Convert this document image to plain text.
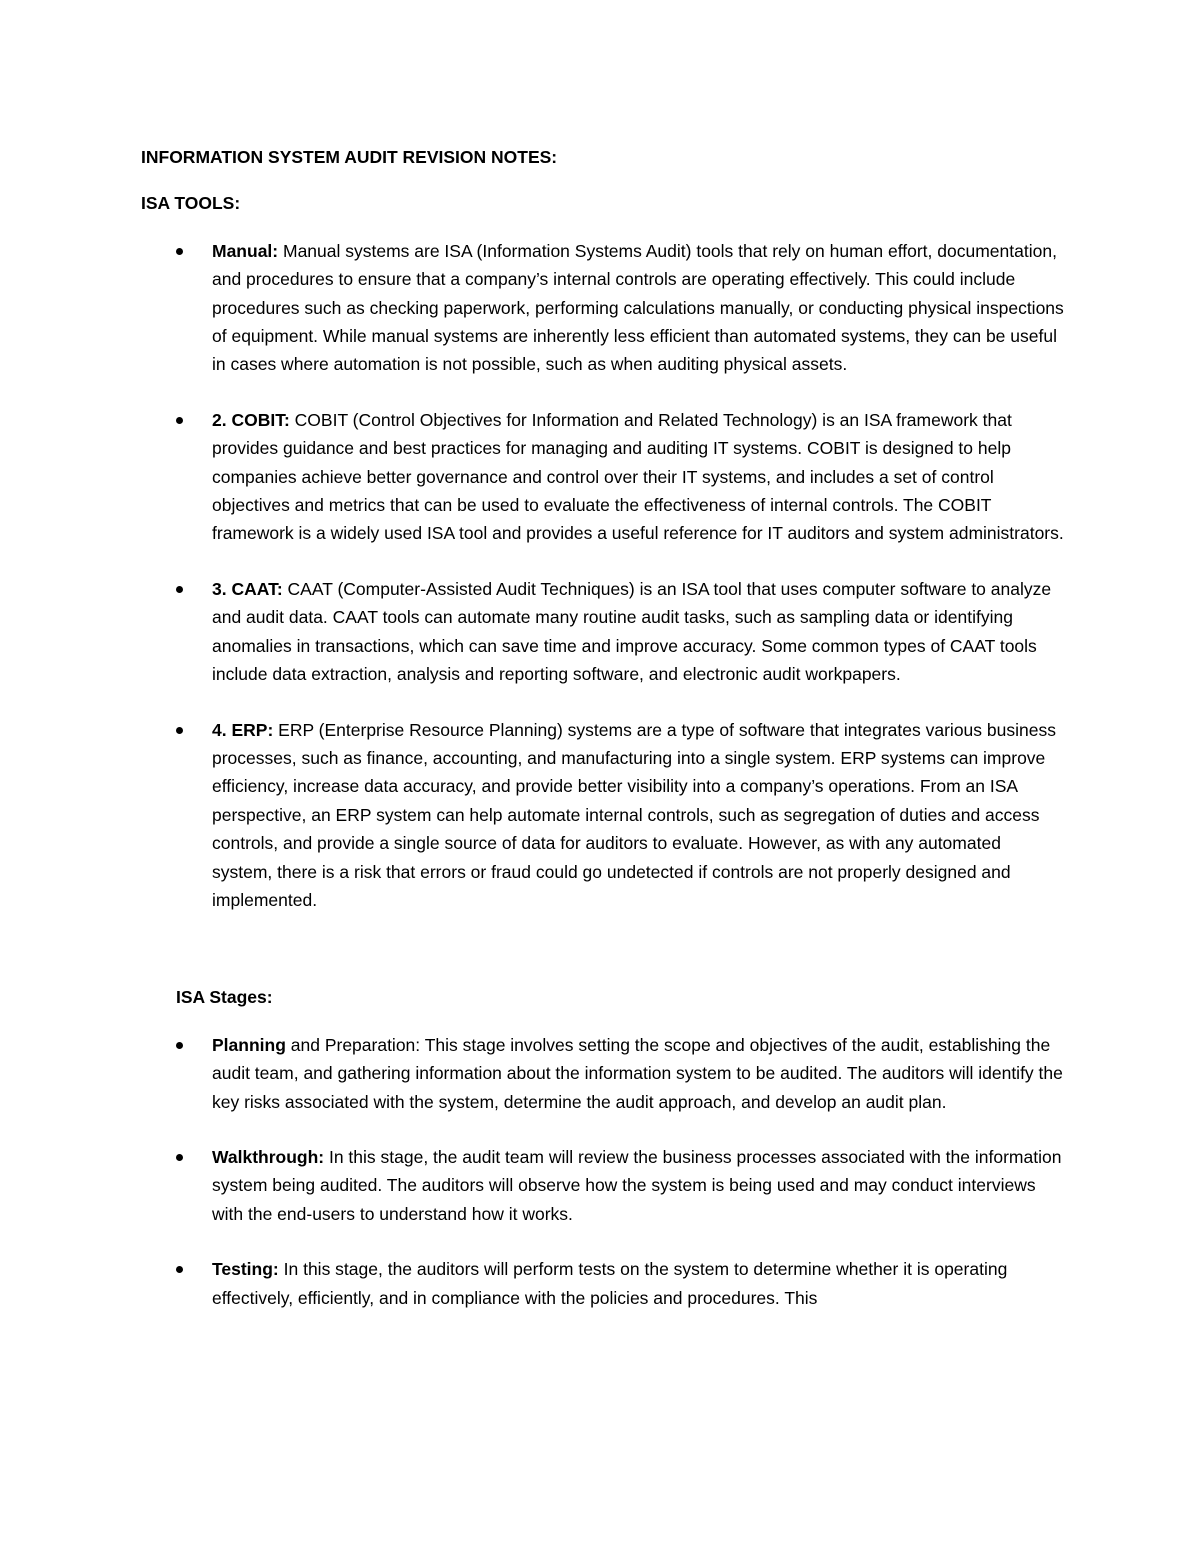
INFORMATION SYSTEM AUDIT REVISION NOTES:

ISA TOOLS:

Manual: Manual systems are ISA (Information Systems Audit) tools that rely on human effort, documentation, and procedures to ensure that a company’s internal controls are operating effectively. This could include procedures such as checking paperwork, performing calculations manually, or conducting physical inspections of equipment. While manual systems are inherently less efficient than automated systems, they can be useful in cases where automation is not possible, such as when auditing physical assets.
2. COBIT: COBIT (Control Objectives for Information and Related Technology) is an ISA framework that provides guidance and best practices for managing and auditing IT systems. COBIT is designed to help companies achieve better governance and control over their IT systems, and includes a set of control objectives and metrics that can be used to evaluate the effectiveness of internal controls. The COBIT framework is a widely used ISA tool and provides a useful reference for IT auditors and system administrators.
3. CAAT: CAAT (Computer-Assisted Audit Techniques) is an ISA tool that uses computer software to analyze and audit data. CAAT tools can automate many routine audit tasks, such as sampling data or identifying anomalies in transactions, which can save time and improve accuracy. Some common types of CAAT tools include data extraction, analysis and reporting software, and electronic audit workpapers.
4. ERP: ERP (Enterprise Resource Planning) systems are a type of software that integrates various business processes, such as finance, accounting, and manufacturing into a single system. ERP systems can improve efficiency, increase data accuracy, and provide better visibility into a company’s operations. From an ISA perspective, an ERP system can help automate internal controls, such as segregation of duties and access controls, and provide a single source of data for auditors to evaluate. However, as with any automated system, there is a risk that errors or fraud could go undetected if controls are not properly designed and implemented.

ISA Stages:

Planning and Preparation: This stage involves setting the scope and objectives of the audit, establishing the audit team, and gathering information about the information system to be audited. The auditors will identify the key risks associated with the system, determine the audit approach, and develop an audit plan.
Walkthrough: In this stage, the audit team will review the business processes associated with the information system being audited. The auditors will observe how the system is being used and may conduct interviews with the end-users to understand how it works.
Testing: In this stage, the auditors will perform tests on the system to determine whether it is operating effectively, efficiently, and in compliance with the policies and procedures. This
